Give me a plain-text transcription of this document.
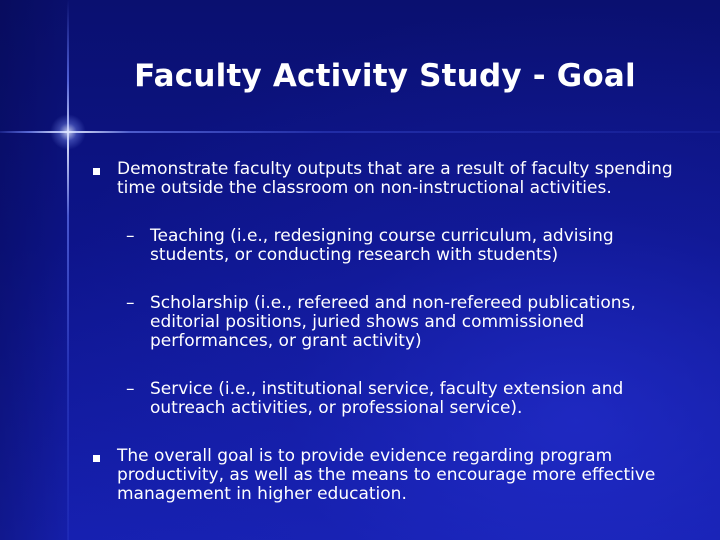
Faculty Activity Study - Goal
Demonstrate faculty outputs that are a result of faculty spending time outside the classroom on non-instructional activities.
– Teaching (i.e., redesigning course curriculum, advising students, or conducting research with students)
– Scholarship (i.e., refereed and non-refereed publications, editorial positions, juried shows and commissioned performances, or grant activity)
– Service (i.e., institutional service, faculty extension and outreach activities, or professional service).
The overall goal is to provide evidence regarding program productivity, as well as the means to encourage more effective management in higher education.
